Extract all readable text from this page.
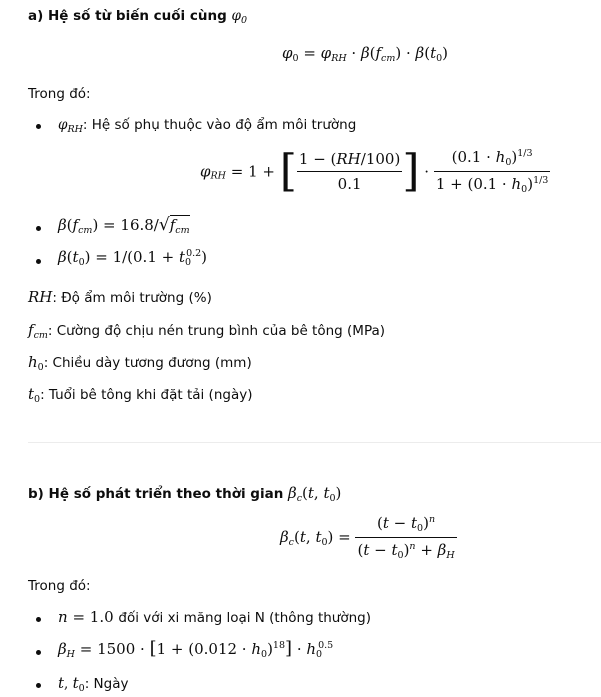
a) Hệ số từ biến cuối cùng $\varphi_0$
$\varphi_0 = \varphi_{RH} \cdot \beta(f_{cm}) \cdot \beta(t_0)$
Trong đó:
$\varphi_{RH}$: Hệ số phụ thuộc vào độ ẩm môi trường
$\varphi_{RH} = 1$ + [ $\frac{1 - (RH/100)}{0.1}$ ] · $\frac{(0.1 \cdot h_0)^{1/3}}{1 + (0.1 \cdot h_0)^{1/3}}$
$\beta(f_{cm}) = 16.8/√f_{cm}$
$\beta(t_0) = 1/(0.1 + t_0^{0.2})$
RH: Độ ẩm môi trường (%)
$f_{cm}$: Cường độ chịu nén trung bình của bê tông (MPa)
$h_0$: Chiều dày tương đương (mm)
$t_0$: Tuổi bê tông khi đặt tải (ngày)
b) Hệ số phát triển theo thời gian $\beta_c(t$, $t_0$)
$\beta_c(t$, $t_0) = \frac{(t - t_0)^n}{(t - t_0)^n + \beta_H}$
Trong đó:
n = 1.0 đối với xi măng loại N (thông thường)
$\beta_H = 1500 \cdot [1 + (0.012 \cdot h_0)^{18}] \cdot h_0^{0.5}$
t, $t_0$: Ngày
